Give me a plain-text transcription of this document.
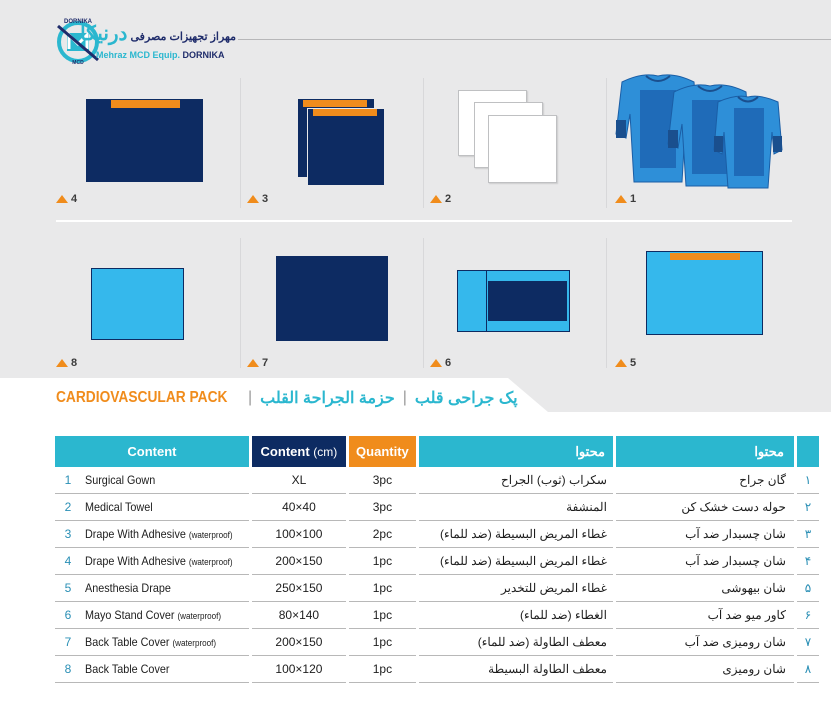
DORNIKA
MCD
مهراز تجهیزات مصرفی درنیکا
Mehraz MCD Equip. DORNIKA
4	3	2	1
8	7	6	5
CARDIOVASCULAR PACK | حزمة الجراحة القلب | پک جراحی قلب
Content			Content (cm)		Quantity		محتوا		محتوا		
1	Surgical Gown		XL		3pc		سکراب (ثوب) الجراح		گان جراح		۱
2	Medical Towel		40×40		3pc		المنشفة		حوله دست خشک کن		۲
3	Drape With Adhesive (waterproof)		100×100		2pc		غطاء المريض البسيطة (ضد للماء)		شان چسبدار ضد آب		۳
4	Drape With Adhesive (waterproof)		200×150		1pc		غطاء المريض البسيطة (ضد للماء)		شان چسبدار ضد آب		۴
5	Anesthesia Drape		250×150		1pc		غطاء المريض للتخدير		شان بیهوشی		۵
6	Mayo Stand Cover (waterproof)		80×140		1pc		الغطاء (ضد للماء)		کاور میو ضد آب		۶
7	Back Table Cover (waterproof)		200×150		1pc		معطف الطاولة (ضد للماء)		شان رومیزی ضد آب		۷
8	Back Table Cover		100×120		1pc		معطف الطاولة البسيطة		شان رومیزی		۸
